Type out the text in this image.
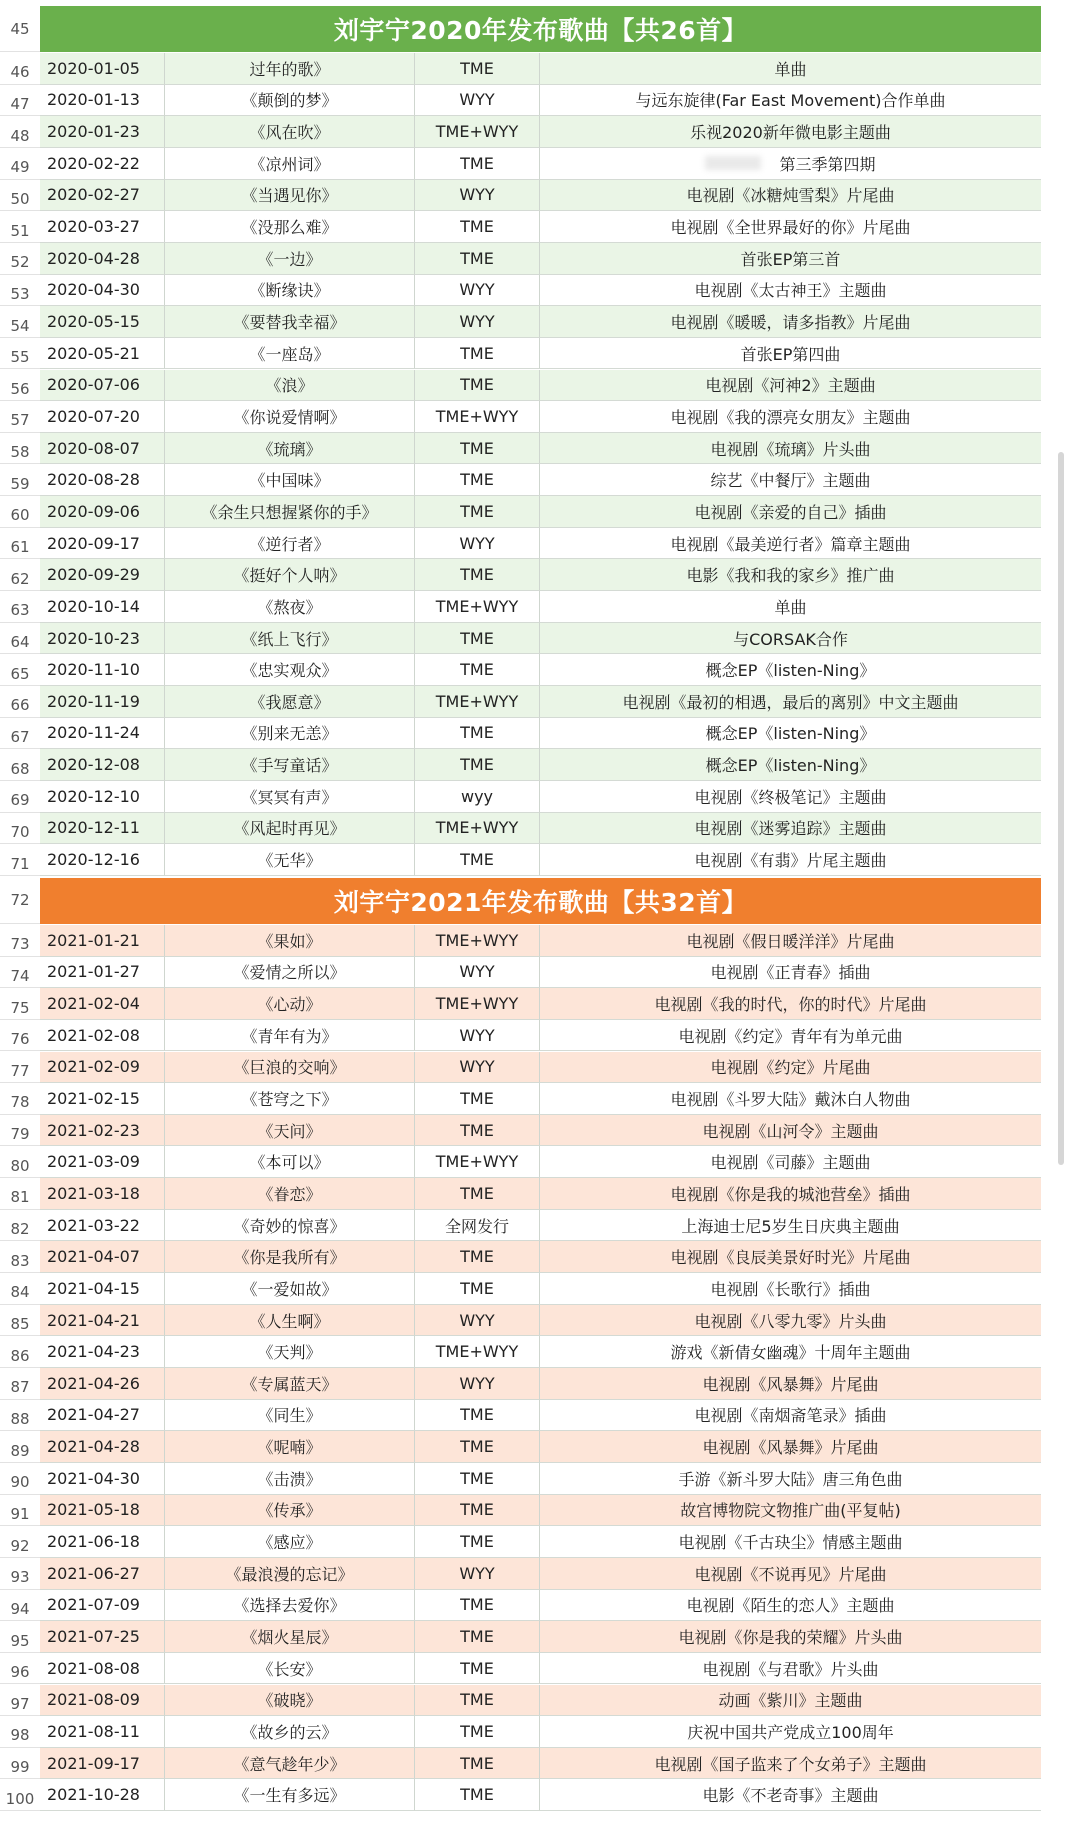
45	刘宇宁2020年发布歌曲【共26首】
46	2020-01-05	过年的歌》	TME	单曲
47	2020-01-13	《颠倒的梦》	WYY	与远东旋律(Far East Movement)合作单曲
48	2020-01-23	《风在吹》	TME+WYY	乐视2020新年微电影主题曲
49	2020-02-22	《凉州词》	TME	第三季第四期
50	2020-02-27	《当遇见你》	WYY	电视剧《冰糖炖雪梨》片尾曲
51	2020-03-27	《没那么难》	TME	电视剧《全世界最好的你》片尾曲
52	2020-04-28	《一边》	TME	首张EP第三首
53	2020-04-30	《断缘诀》	WYY	电视剧《太古神王》主题曲
54	2020-05-15	《要替我幸福》	WYY	电视剧《暖暖，请多指教》片尾曲
55	2020-05-21	《一座岛》	TME	首张EP第四曲
56	2020-07-06	《浪》	TME	电视剧《河神2》主题曲
57	2020-07-20	《你说爱情啊》	TME+WYY	电视剧《我的漂亮女朋友》主题曲
58	2020-08-07	《琉璃》	TME	电视剧《琉璃》片头曲
59	2020-08-28	《中国味》	TME	综艺《中餐厅》主题曲
60	2020-09-06	《余生只想握紧你的手》	TME	电视剧《亲爱的自己》插曲
61	2020-09-17	《逆行者》	WYY	电视剧《最美逆行者》篇章主题曲
62	2020-09-29	《挺好个人呐》	TME	电影《我和我的家乡》推广曲
63	2020-10-14	《熬夜》	TME+WYY	单曲
64	2020-10-23	《纸上飞行》	TME	与CORSAK合作
65	2020-11-10	《忠实观众》	TME	概念EP《listen-Ning》
66	2020-11-19	《我愿意》	TME+WYY	电视剧《最初的相遇，最后的离别》中文主题曲
67	2020-11-24	《别来无恙》	TME	概念EP《listen-Ning》
68	2020-12-08	《手写童话》	TME	概念EP《listen-Ning》
69	2020-12-10	《冥冥有声》	wyy	电视剧《终极笔记》主题曲
70	2020-12-11	《风起时再见》	TME+WYY	电视剧《迷雾追踪》主题曲
71	2020-12-16	《无华》	TME	电视剧《有翡》片尾主题曲
72	刘宇宁2021年发布歌曲【共32首】
73	2021-01-21	《果如》	TME+WYY	电视剧《假日暖洋洋》片尾曲
74	2021-01-27	《爱情之所以》	WYY	电视剧《正青春》插曲
75	2021-02-04	《心动》	TME+WYY	电视剧《我的时代，你的时代》片尾曲
76	2021-02-08	《青年有为》	WYY	电视剧《约定》青年有为单元曲
77	2021-02-09	《巨浪的交响》	WYY	电视剧《约定》片尾曲
78	2021-02-15	《苍穹之下》	TME	电视剧《斗罗大陆》戴沐白人物曲
79	2021-02-23	《天问》	TME	电视剧《山河令》主题曲
80	2021-03-09	《本可以》	TME+WYY	电视剧《司藤》主题曲
81	2021-03-18	《眷恋》	TME	电视剧《你是我的城池营垒》插曲
82	2021-03-22	《奇妙的惊喜》	全网发行	上海迪士尼5岁生日庆典主题曲
83	2021-04-07	《你是我所有》	TME	电视剧《良辰美景好时光》片尾曲
84	2021-04-15	《一爱如故》	TME	电视剧《长歌行》插曲
85	2021-04-21	《人生啊》	WYY	电视剧《八零九零》片头曲
86	2021-04-23	《天判》	TME+WYY	游戏《新倩女幽魂》十周年主题曲
87	2021-04-26	《专属蓝天》	WYY	电视剧《风暴舞》片尾曲
88	2021-04-27	《同生》	TME	电视剧《南烟斋笔录》插曲
89	2021-04-28	《呢喃》	TME	电视剧《风暴舞》片尾曲
90	2021-04-30	《击溃》	TME	手游《新斗罗大陆》唐三角色曲
91	2021-05-18	《传承》	TME	故宫博物院文物推广曲(平复帖)
92	2021-06-18	《感应》	TME	电视剧《千古玦尘》情感主题曲
93	2021-06-27	《最浪漫的忘记》	WYY	电视剧《不说再见》片尾曲
94	2021-07-09	《选择去爱你》	TME	电视剧《陌生的恋人》主题曲
95	2021-07-25	《烟火星辰》	TME	电视剧《你是我的荣耀》片头曲
96	2021-08-08	《长安》	TME	电视剧《与君歌》片头曲
97	2021-08-09	《破晓》	TME	动画《紫川》主题曲
98	2021-08-11	《故乡的云》	TME	庆祝中国共产党成立100周年
99	2021-09-17	《意气趁年少》	TME	电视剧《国子监来了个女弟子》主题曲
100 2021-10-28	《一生有多远》	TME	电影《不老奇事》主题曲
